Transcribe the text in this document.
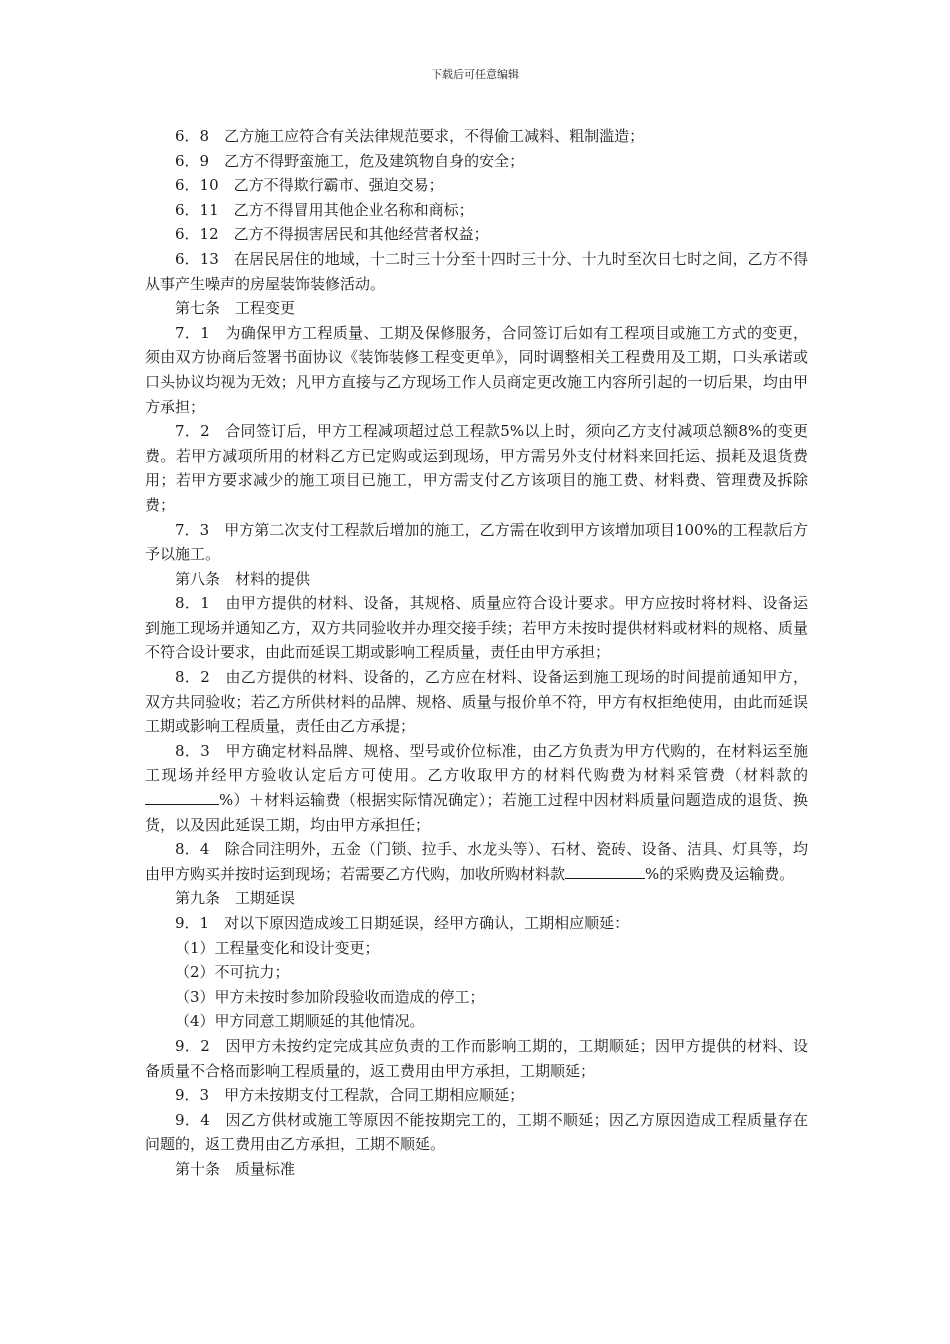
下载后可任意编辑

6．8　乙方施工应符合有关法律规范要求，不得偷工减料、粗制滥造；

6．9　乙方不得野蛮施工，危及建筑物自身的安全；

6．10　乙方不得欺行霸市、强迫交易；

6．11　乙方不得冒用其他企业名称和商标；

6．12　乙方不得损害居民和其他经营者权益；

6．13　在居民居住的地域，十二时三十分至十四时三十分、十九时至次日七时之间，乙方不得从事产生噪声的房屋装饰装修活动。

第七条　工程变更

7．1　为确保甲方工程质量、工期及保修服务，合同签订后如有工程项目或施工方式的变更，须由双方协商后签署书面协议《装饰装修工程变更单》，同时调整相关工程费用及工期，口头承诺或口头协议均视为无效；凡甲方直接与乙方现场工作人员商定更改施工内容所引起的一切后果，均由甲方承担；

7．2　合同签订后，甲方工程减项超过总工程款5%以上时，须向乙方支付减项总额8%的变更费。若甲方减项所用的材料乙方已定购或运到现场，甲方需另外支付材料来回托运、损耗及退货费用；若甲方要求减少的施工项目已施工，甲方需支付乙方该项目的施工费、材料费、管理费及拆除费；

7．3　甲方第二次支付工程款后增加的施工，乙方需在收到甲方该增加项目100%的工程款后方予以施工。

第八条　材料的提供

8．1　由甲方提供的材料、设备，其规格、质量应符合设计要求。甲方应按时将材料、设备运到施工现场并通知乙方，双方共同验收并办理交接手续；若甲方未按时提供材料或材料的规格、质量不符合设计要求，由此而延误工期或影响工程质量，责任由甲方承担；

8．2　由乙方提供的材料、设备的，乙方应在材料、设备运到施工现场的时间提前通知甲方，双方共同验收；若乙方所供材料的品牌、规格、质量与报价单不符，甲方有权拒绝使用，由此而延误工期或影响工程质量，责任由乙方承提；

8．3　甲方确定材料品牌、规格、型号或价位标准，由乙方负责为甲方代购的，在材料运至施工现场并经甲方验收认定后方可使用。乙方收取甲方的材料代购费为材料采管费（材料款的%）＋材料运输费（根据实际情况确定）；若施工过程中因材料质量问题造成的退货、换货，以及因此延误工期，均由甲方承担任；

8．4　除合同注明外，五金（门锁、拉手、水龙头等）、石材、瓷砖、设备、洁具、灯具等，均由甲方购买并按时运到现场；若需要乙方代购，加收所购材料款	%的采购费及运输费。

第九条　工期延误

9．1　对以下原因造成竣工日期延误，经甲方确认，工期相应顺延：

（1）工程量变化和设计变更；

（2）不可抗力；

（3）甲方未按时参加阶段验收而造成的停工；

（4）甲方同意工期顺延的其他情况。

9．2　因甲方未按约定完成其应负责的工作而影响工期的，工期顺延；因甲方提供的材料、设备质量不合格而影响工程质量的，返工费用由甲方承担，工期顺延；

9．3　甲方未按期支付工程款，合同工期相应顺延；

9．4　因乙方供材或施工等原因不能按期完工的，工期不顺延；因乙方原因造成工程质量存在问题的，返工费用由乙方承担，工期不顺延。

第十条　质量标准
